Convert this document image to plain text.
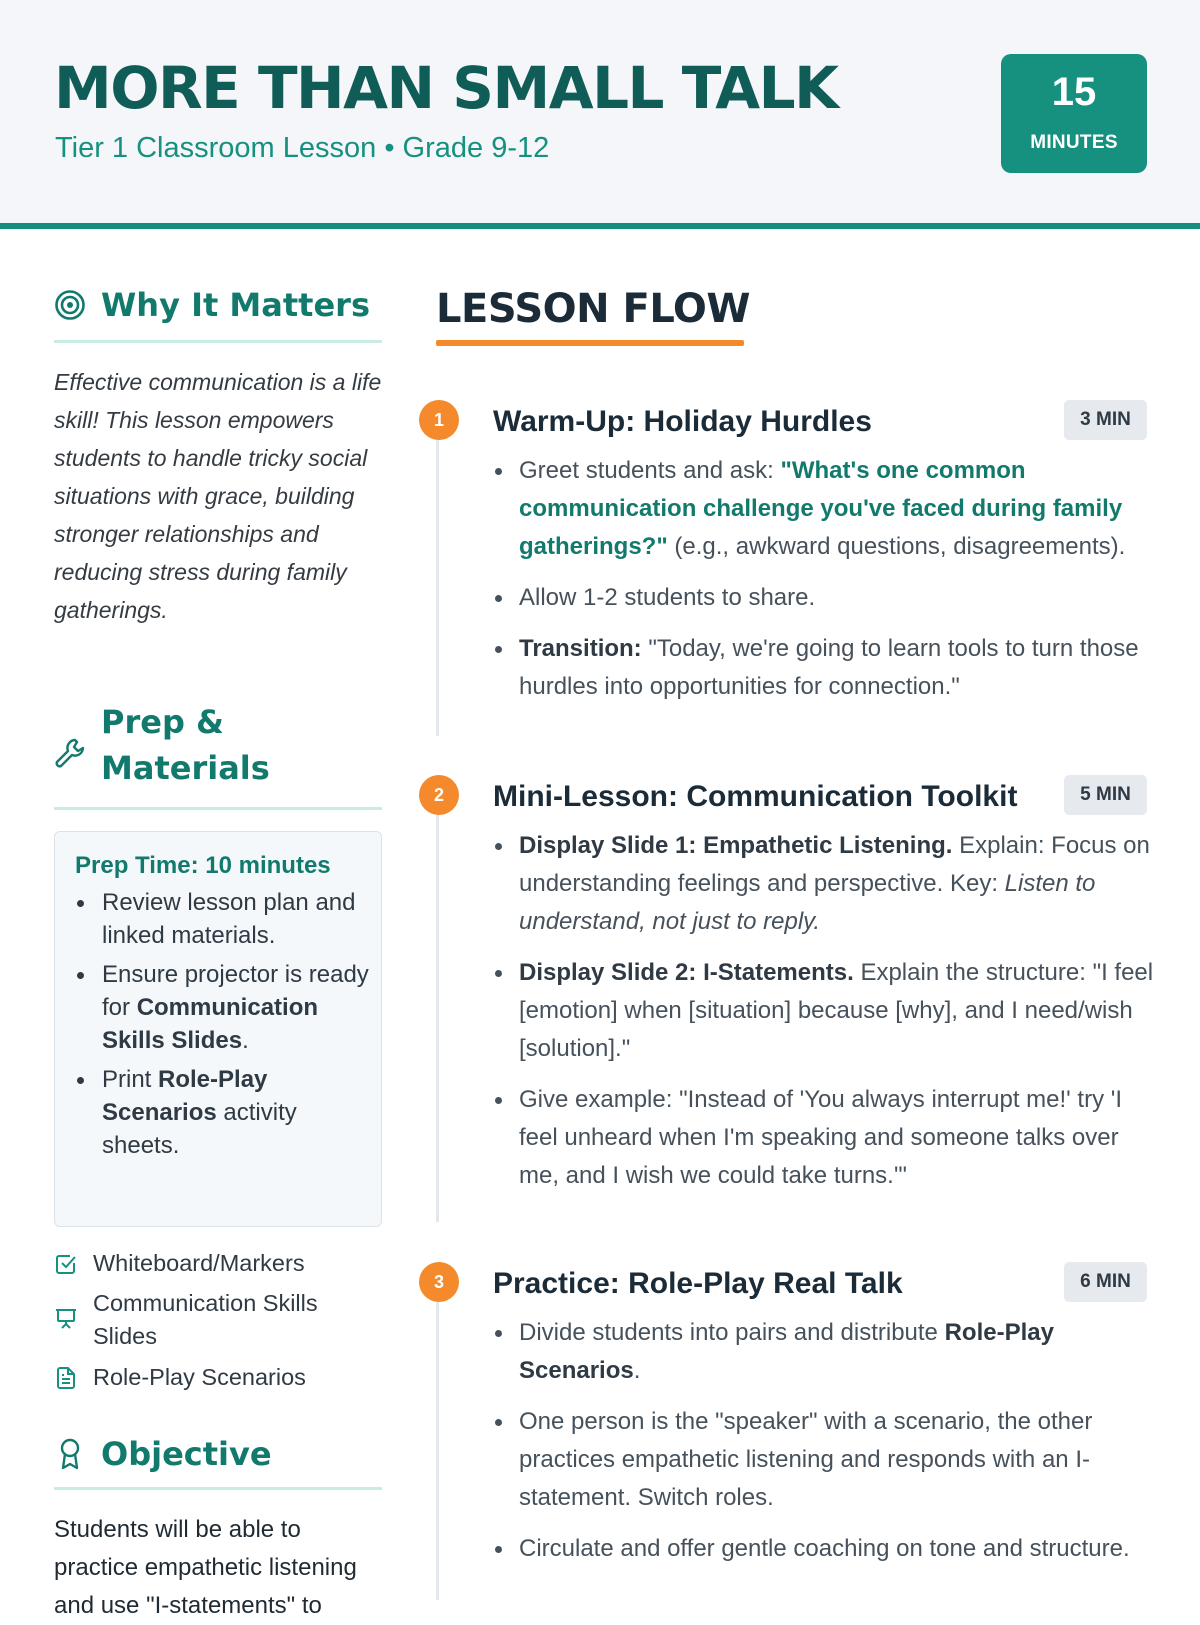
MORE THAN SMALL TALK
Tier 1 Classroom Lesson • Grade 9-12
15
MINUTES
Why It Matters

Effective communication is a life skill! This lesson empowers students to handle tricky social situations with grace, building stronger relationships and reducing stress during family gatherings.

Prep &
Materials
Prep Time: 10 minutes
Review lesson plan and linked materials.
Ensure projector is ready for Communication Skills Slides.
Print Role-Play Scenarios activity sheets.
Whiteboard/Markers
Communication Skills Slides
Role-Play Scenarios
Objective

Students will be able to practice empathetic listening and use "I-statements" to

LESSON FLOW
1	Warm-Up: Holiday Hurdles	3 MIN
Greet students and ask: "What's one common communication challenge you've faced during family gatherings?" (e.g., awkward questions, disagreements).
Allow 1-2 students to share.
Transition: "Today, we're going to learn tools to turn those hurdles into opportunities for connection."
2	Mini-Lesson: Communication Toolkit	5 MIN
Display Slide 1: Empathetic Listening. Explain: Focus on understanding feelings and perspective. Key: Listen to understand, not just to reply.
Display Slide 2: I-Statements. Explain the structure: "I feel [emotion] when [situation] because [why], and I need/wish [solution]."
Give example: "Instead of 'You always interrupt me!' try 'I feel unheard when I'm speaking and someone talks over me, and I wish we could take turns.'"
3	Practice: Role-Play Real Talk	6 MIN
Divide students into pairs and distribute Role-Play Scenarios.
One person is the "speaker" with a scenario, the other practices empathetic listening and responds with an I-statement. Switch roles.
Circulate and offer gentle coaching on tone and structure.
